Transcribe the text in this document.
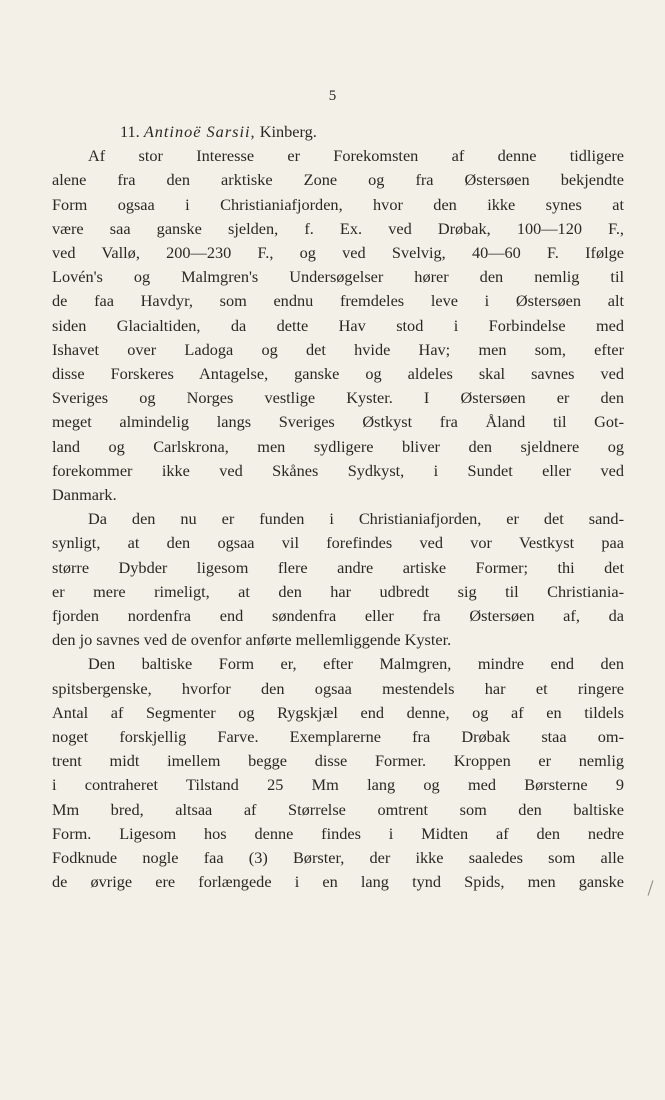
5
11. Antinoë Sarsii, Kinberg.
Af stor Interesse er Forekomsten af denne tidligere
alene fra den arktiske Zone og fra Østersøen bekjendte
Form ogsaa i Christianiafjorden, hvor den ikke synes at
være saa ganske sjelden, f. Ex. ved Drøbak, 100—120 F.,
ved Vallø, 200—230 F., og ved Svelvig, 40—60 F. Ifølge
Lovén's og Malmgren's Undersøgelser hører den nemlig til
de faa Havdyr, som endnu fremdeles leve i Østersøen alt
siden Glacialtiden, da dette Hav stod i Forbindelse med
Ishavet over Ladoga og det hvide Hav; men som, efter
disse Forskeres Antagelse, ganske og aldeles skal savnes ved
Sveriges og Norges vestlige Kyster. I Østersøen er den
meget almindelig langs Sveriges Østkyst fra Åland til Got-
land og Carlskrona, men sydligere bliver den sjeldnere og
forekommer ikke ved Skånes Sydkyst, i Sundet eller ved
Danmark.
Da den nu er funden i Christianiafjorden, er det sand-
synligt, at den ogsaa vil forefindes ved vor Vestkyst paa
større Dybder ligesom flere andre artiske Former; thi det
er mere rimeligt, at den har udbredt sig til Christiania-
fjorden nordenfra end søndenfra eller fra Østersøen af, da
den jo savnes ved de ovenfor anførte mellemliggende Kyster.
Den baltiske Form er, efter Malmgren, mindre end den
spitsbergenske, hvorfor den ogsaa mestendels har et ringere
Antal af Segmenter og Rygskjæl end denne, og af en tildels
noget forskjellig Farve. Exemplarerne fra Drøbak staa om-
trent midt imellem begge disse Former. Kroppen er nemlig
i contraheret Tilstand 25 Mm lang og med Børsterne 9
Mm bred, altsaa af Størrelse omtrent som den baltiske
Form. Ligesom hos denne findes i Midten af den nedre
Fodknude nogle faa (3) Børster, der ikke saaledes som alle
de øvrige ere forlængede i en lang tynd Spids, men ganske
